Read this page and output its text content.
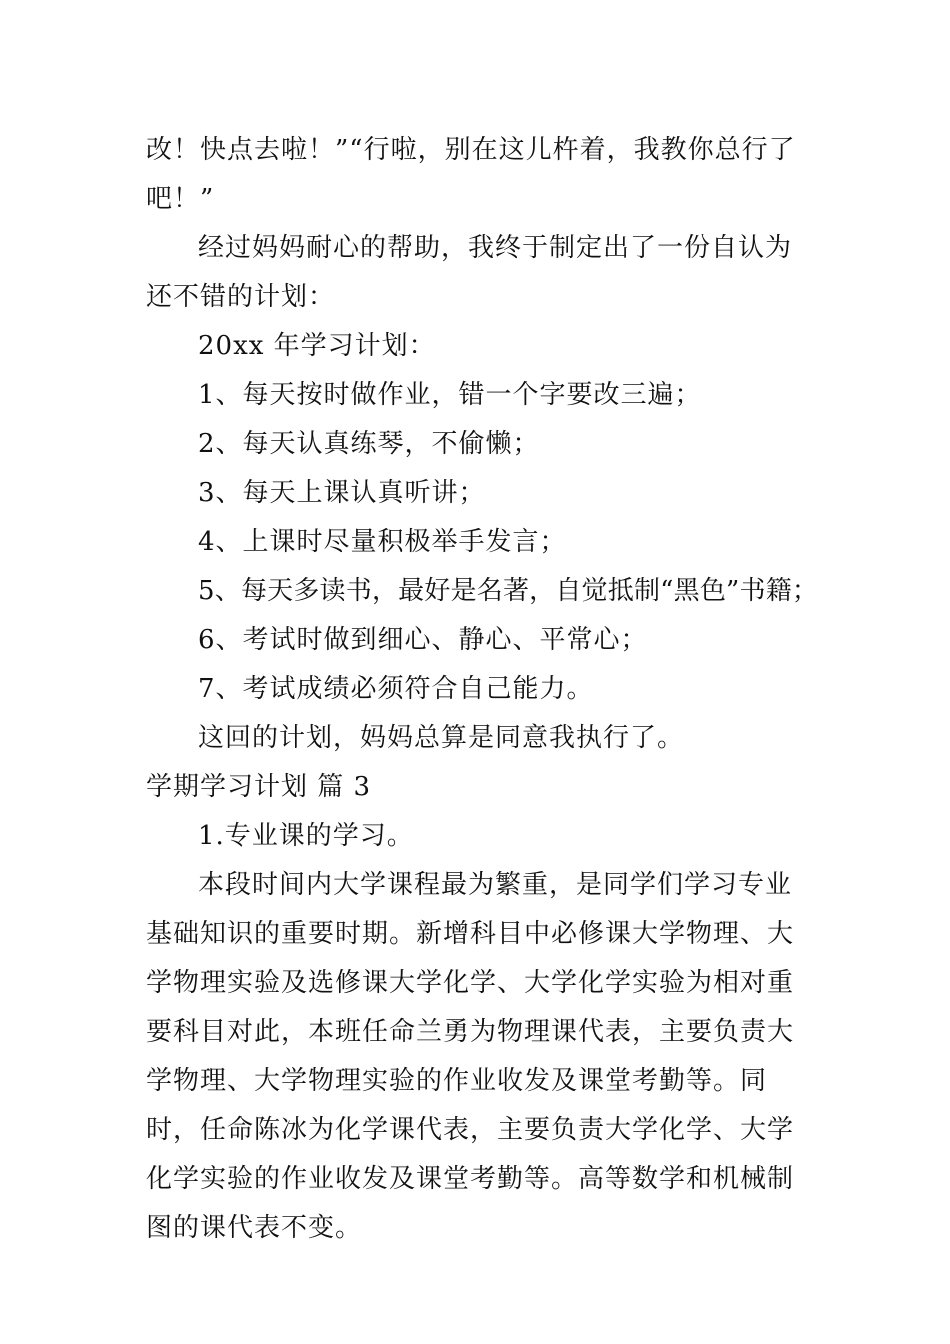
改！快点去啦！”“行啦，别在这儿杵着，我教你总行了吧！”

经过妈妈耐心的帮助，我终于制定出了一份自认为还不错的计划：

20xx 年学习计划：

1、每天按时做作业，错一个字要改三遍；

2、每天认真练琴，不偷懒；

3、每天上课认真听讲；

4、上课时尽量积极举手发言；

5、每天多读书，最好是名著，自觉抵制“黑色”书籍；

6、考试时做到细心、静心、平常心；

7、考试成绩必须符合自己能力。

这回的计划，妈妈总算是同意我执行了。

学期学习计划 篇 3

1.专业课的学习。

本段时间内大学课程最为繁重，是同学们学习专业基础知识的重要时期。新增科目中必修课大学物理、大学物理实验及选修课大学化学、大学化学实验为相对重要科目对此，本班任命兰勇为物理课代表，主要负责大学物理、大学物理实验的作业收发及课堂考勤等。同时，任命陈冰为化学课代表，主要负责大学化学、大学化学实验的作业收发及课堂考勤等。高等数学和机械制图的课代表不变。
